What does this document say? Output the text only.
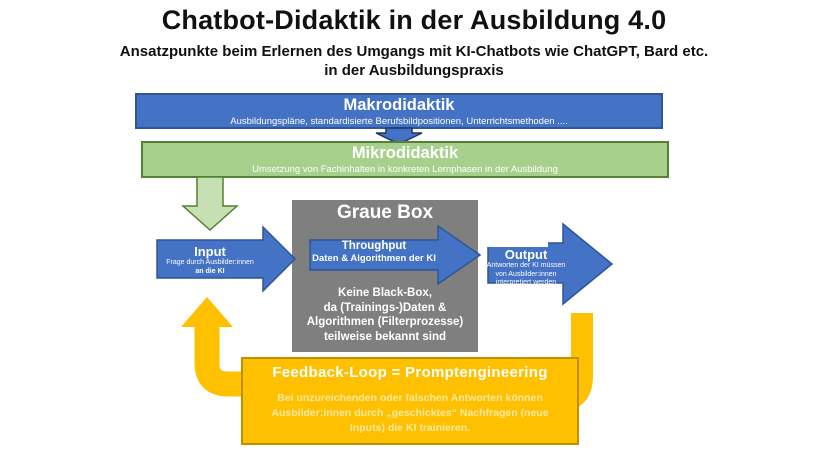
Chatbot-Didaktik in der Ausbildung 4.0
Ansatzpunkte beim Erlernen des Umgangs mit KI-Chatbots wie ChatGPT, Bard etc.
in der Ausbildungspraxis
Makrodidaktik
Ausbildungspläne, standardisierte Berufsbildpositionen, Unterrichtsmethoden ....
Mikrodidaktik
Umsetzung von Fachinhalten in konkreten Lernphasen in der Ausbildung
Graue Box
Throughput
Daten & Algorithmen der KI
Keine Black-Box,
da (Trainings-)Daten &
Algorithmen (Filterprozesse)
teilweise bekannt sind
Input
Frage durch Ausbilder:innen
an die KI
Output
Antworten der KI müssen
von Ausbilder:innen
interpretiert werden
Feedback-Loop = Promptengineering
Bei unzureichenden oder falschen Antworten können
Ausbilder:innen durch „geschicktes“ Nachfragen (neue
Inputs) die KI trainieren.
